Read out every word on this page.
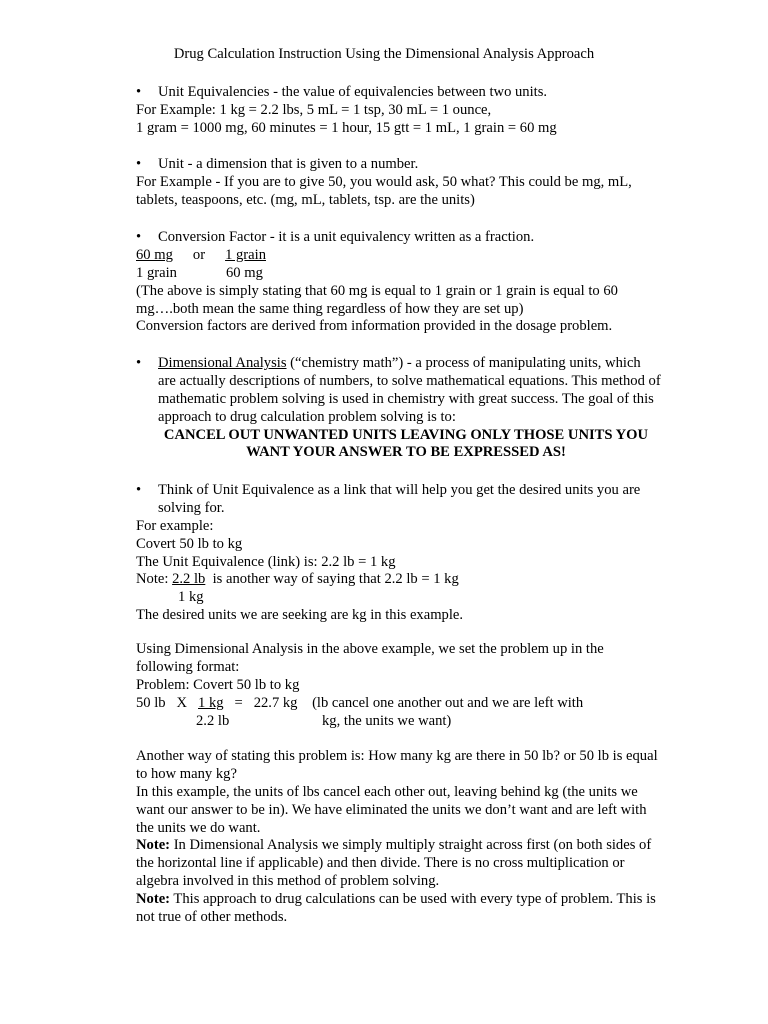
Drug Calculation Instruction Using the Dimensional Analysis Approach
• Unit Equivalencies - the value of equivalencies between two units.
For Example: 1 kg = 2.2 lbs, 5 mL = 1 tsp, 30 mL = 1 ounce,
1 gram = 1000 mg, 60 minutes = 1 hour, 15 gtt = 1 mL, 1 grain = 60 mg
• Unit - a dimension that is given to a number.
For Example - If you are to give 50, you would ask, 50 what? This could be mg, mL,
tablets, teaspoons, etc. (mg, mL, tablets, tsp. are the units)
• Conversion Factor - it is a unit equivalency written as a fraction.
60 mg or 1 grain
1 grain	60 mg
(The above is simply stating that 60 mg is equal to 1 grain or 1 grain is equal to 60
mg….both mean the same thing regardless of how they are set up)
Conversion factors are derived from information provided in the dosage problem.
• Dimensional Analysis (“chemistry math”) - a process of manipulating units, which
are actually descriptions of numbers, to solve mathematical equations. This method of
mathematic problem solving is used in chemistry with great success. The goal of this
approach to drug calculation problem solving is to:
CANCEL OUT UNWANTED UNITS LEAVING ONLY THOSE UNITS YOU
WANT YOUR ANSWER TO BE EXPRESSED AS!
• Think of Unit Equivalence as a link that will help you get the desired units you are
solving for.
For example:
Covert 50 lb to kg
The Unit Equivalence (link) is: 2.2 lb = 1 kg
Note: 2.2 lb  is another way of saying that 2.2 lb = 1 kg
1 kg
The desired units we are seeking are kg in this example.
Using Dimensional Analysis in the above example, we set the problem up in the
following format:
Problem: Covert 50 lb to kg
50 lb   X   1 kg   =   22.7 kg    (lb cancel one another out and we are left with
2.2 lb	kg, the units we want)
Another way of stating this problem is: How many kg are there in 50 lb? or 50 lb is equal
to how many kg?
In this example, the units of lbs cancel each other out, leaving behind kg (the units we
want our answer to be in). We have eliminated the units we don’t want and are left with
the units we do want.
Note: In Dimensional Analysis we simply multiply straight across first (on both sides of
the horizontal line if applicable) and then divide. There is no cross multiplication or
algebra involved in this method of problem solving.
Note: This approach to drug calculations can be used with every type of problem. This is
not true of other methods.
